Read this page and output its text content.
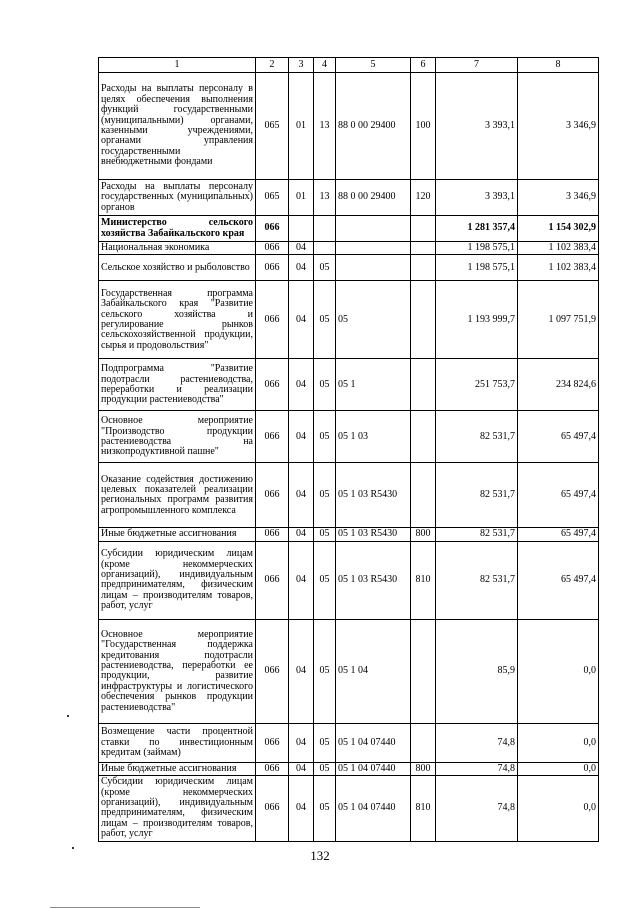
1	2	3	4	5	6	7	8
Расходы на выплаты персоналу в целях обеспечения выполнения функций государственными (муниципальными) органами, казенными учреждениями, органами управления государственными внебюджетными фондами	065	01	13	88 0 00 29400	100	3 393,1	3 346,9
Расходы на выплаты персоналу государственных (муниципальных) органов	065	01	13	88 0 00 29400	120	3 393,1	3 346,9
Министерство сельского хозяйства Забайкальского края	066					1 281 357,4	1 154 302,9
Национальная экономика	066	04				1 198 575,1	1 102 383,4
Сельское хозяйство и рыболовство	066	04	05			1 198 575,1	1 102 383,4
Государственная программа Забайкальского края "Развитие сельского хозяйства и регулирование рынков сельскохозяйственной продукции, сырья и продовольствия"	066	04	05	05		1 193 999,7	1 097 751,9
Подпрограмма "Развитие подотрасли растениеводства, переработки и реализации продукции растениеводства"	066	04	05	05 1		251 753,7	234 824,6
Основное мероприятие "Производство продукции растениеводства на низкопродуктивной пашне"	066	04	05	05 1 03		82 531,7	65 497,4
Оказание содействия достижению целевых показателей реализации региональных программ развития агропромышленного комплекса	066	04	05	05 1 03 R5430		82 531,7	65 497,4
Иные бюджетные ассигнования	066	04	05	05 1 03 R5430	800	82 531,7	65 497,4
Субсидии юридическим лицам (кроме некоммерческих организаций), индивидуальным предпринимателям, физическим лицам – производителям товаров, работ, услуг	066	04	05	05 1 03 R5430	810	82 531,7	65 497,4
Основное мероприятие "Государственная поддержка кредитования подотрасли растениеводства, переработки ее продукции, развитие инфраструктуры и логистического обеспечения рынков продукции растениеводства"	066	04	05	05 1 04		85,9	0,0
Возмещение части процентной ставки по инвестиционным кредитам (займам)	066	04	05	05 1 04 07440		74,8	0,0
Иные бюджетные ассигнования	066	04	05	05 1 04 07440	800	74,8	0,0
Субсидии юридическим лицам (кроме некоммерческих организаций), индивидуальным предпринимателям, физическим лицам – производителям товаров, работ, услуг	066	04	05	05 1 04 07440	810	74,8	0,0
132
